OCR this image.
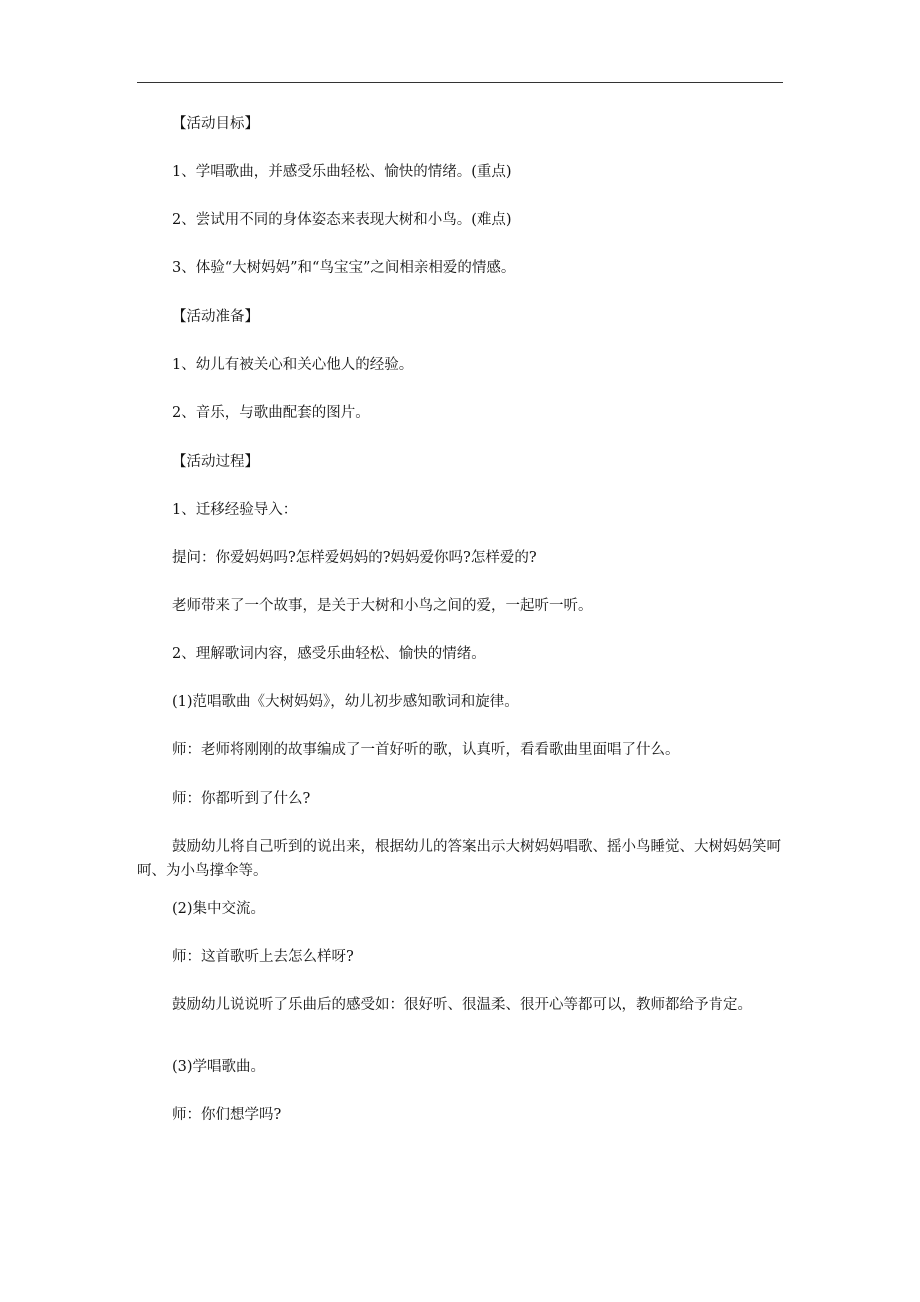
【活动目标】

1、学唱歌曲，并感受乐曲轻松、愉快的情绪。(重点)

2、尝试用不同的身体姿态来表现大树和小鸟。(难点)

3、体验“大树妈妈”和“鸟宝宝”之间相亲相爱的情感。

【活动准备】

1、幼儿有被关心和关心他人的经验。

2、音乐，与歌曲配套的图片。

【活动过程】

1、迁移经验导入：

提问：你爱妈妈吗?怎样爱妈妈的?妈妈爱你吗?怎样爱的?

老师带来了一个故事，是关于大树和小鸟之间的爱，一起听一听。

2、理解歌词内容，感受乐曲轻松、愉快的情绪。

(1)范唱歌曲《大树妈妈》，幼儿初步感知歌词和旋律。

师：老师将刚刚的故事编成了一首好听的歌，认真听，看看歌曲里面唱了什么。

师：你都听到了什么?

鼓励幼儿将自己听到的说出来，根据幼儿的答案出示大树妈妈唱歌、摇小鸟睡觉、大树妈妈笑呵呵、为小鸟撑伞等。

(2)集中交流。

师：这首歌听上去怎么样呀?

鼓励幼儿说说听了乐曲后的感受如：很好听、很温柔、很开心等都可以，教师都给予肯定。

(3)学唱歌曲。

师：你们想学吗?
